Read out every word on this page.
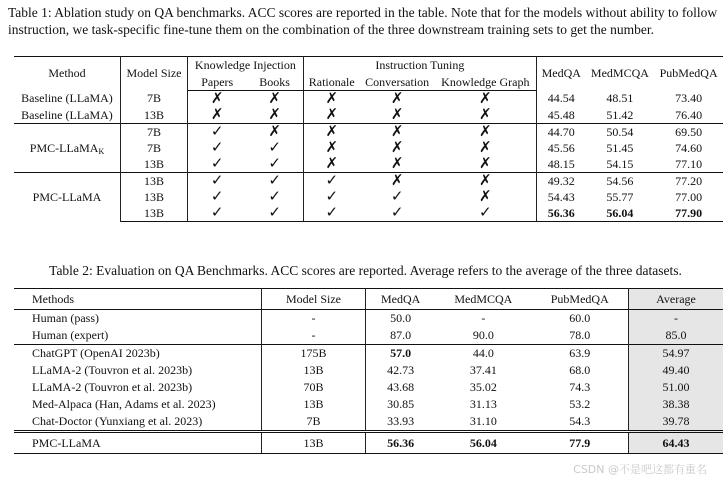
Table 1: Ablation study on QA benchmarks. ACC scores are reported in the table. Note that for the models without ability to follow instruction, we task-specific fine-tune them on the combination of the three downstream training sets to get the number.
Method	Model Size	Knowledge Injection		Instruction Tuning			MedQA	MedMCQA	PubMedQA
		Papers	Books	Rationale	Conversation	Knowledge Graph			
Baseline (LLaMA)	7B	✗	✗	✗	✗	✗	44.54	48.51	73.40
Baseline (LLaMA)	13B	✗	✗	✗	✗	✗	45.48	51.42	76.40
PMC-LLaMA$_K$	7B	✓	✗	✗	✗	✗	44.70	50.54	69.50
	7B	✓	✓	✗	✗	✗	45.56	51.45	74.60
	13B	✓	✓	✗	✗	✗	48.15	54.15	77.10
PMC-LLaMA	13B	✓	✓	✓	✗	✗	49.32	54.56	77.20
	13B	✓	✓	✓	✓	✗	54.43	55.77	77.00
	13B	✓	✓	✓	✓	✓	56.36	56.04	77.90
Table 2: Evaluation on QA Benchmarks. ACC scores are reported. Average refers to the average of the three datasets.
Methods	Model Size	MedQA	MedMCQA	PubMedQA	Average
Human (pass)	-	50.0	-	60.0	-
Human (expert)	-	87.0	90.0	78.0	85.0
ChatGPT (OpenAI 2023b)	175B	57.0	44.0	63.9	54.97
LLaMA-2 (Touvron et al. 2023b)	13B	42.73	37.41	68.0	49.40
LLaMA-2 (Touvron et al. 2023b)	70B	43.68	35.02	74.3	51.00
Med-Alpaca (Han, Adams et al. 2023)	13B	30.85	31.13	53.2	38.38
Chat-Doctor (Yunxiang et al. 2023)	7B	33.93	31.10	54.3	39.78
PMC-LLaMA	13B	56.36	56.04	77.9	64.43
CSDN @不是吧这都有重名
